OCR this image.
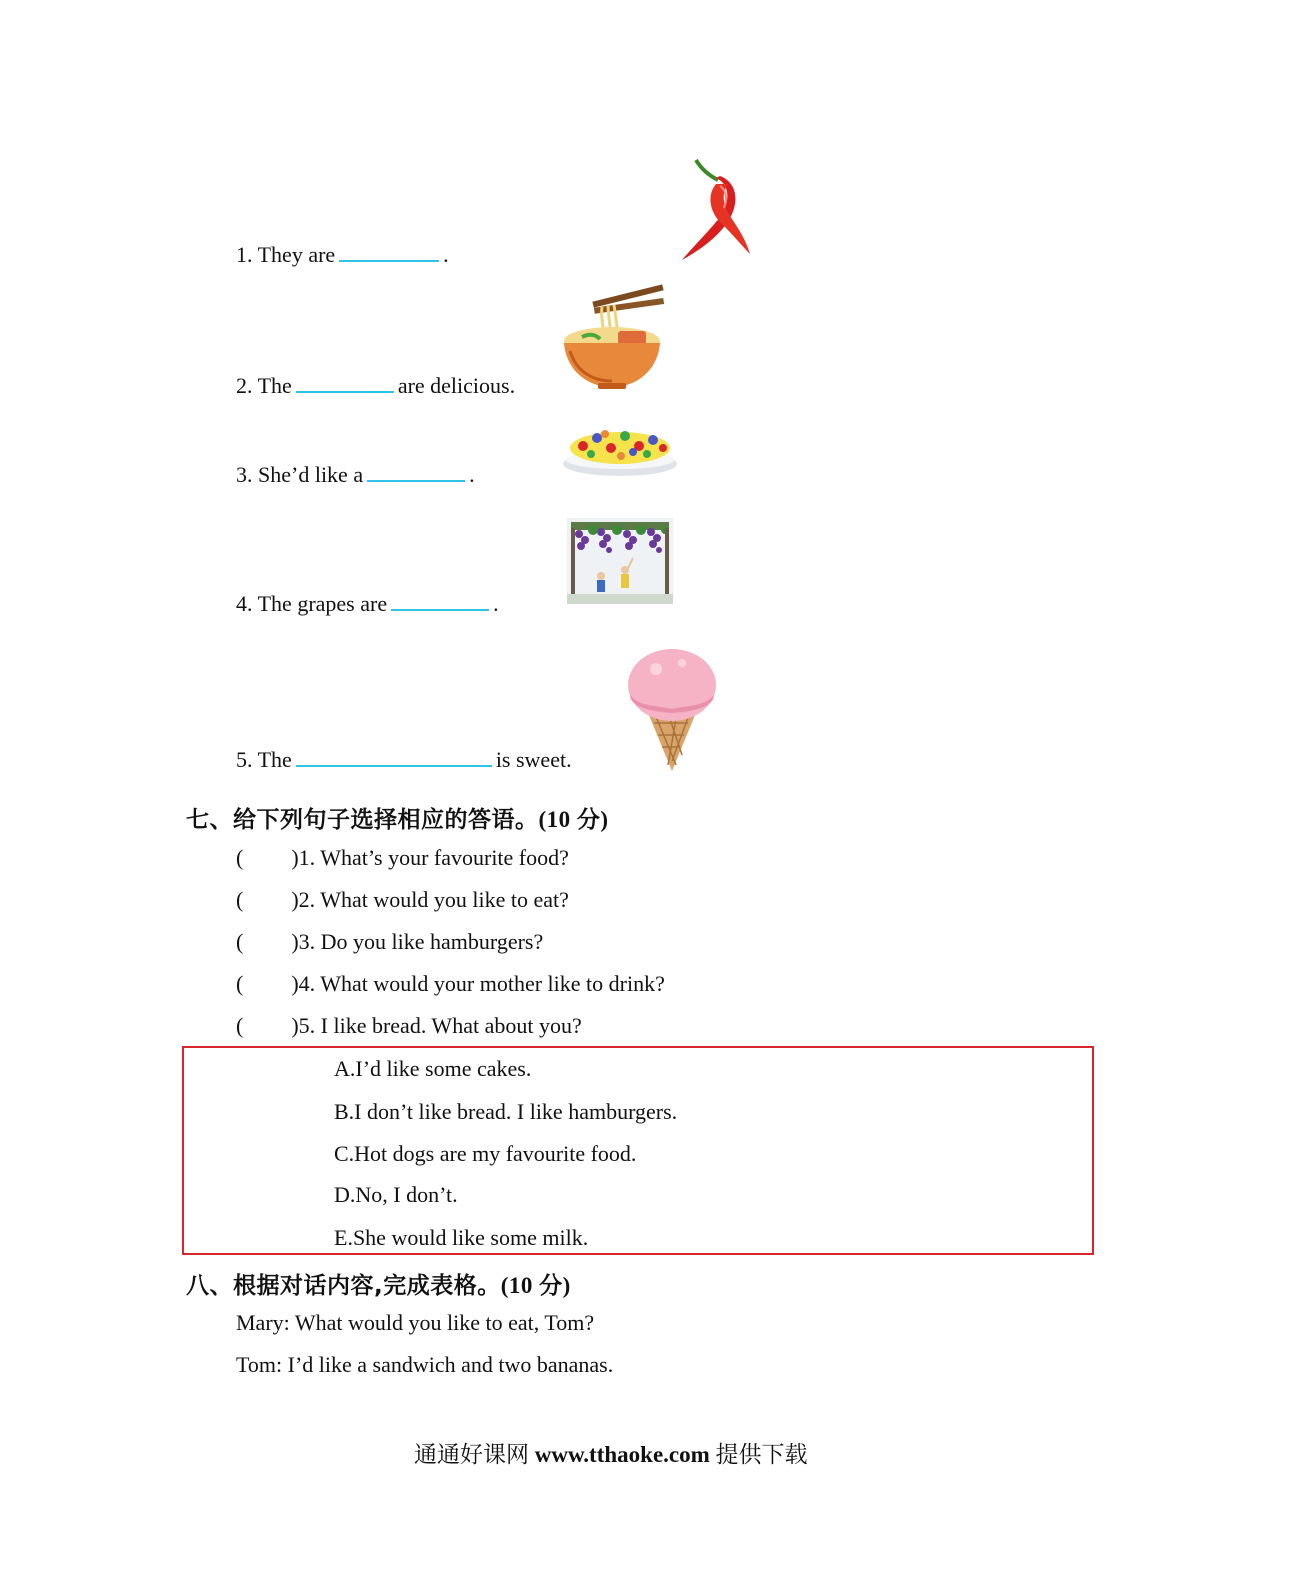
1. They are	.
2. The	are delicious.
3. She’d like a	.
4. The grapes are	.
5. The	is sweet.
七、给下列句子选择相应的答语。(10 分)
( )1. What’s your favourite food?
( )2. What would you like to eat?
( )3. Do you like hamburgers?
( )4. What would your mother like to drink?
( )5. I like bread. What about you?
A.I’d like some cakes.
B.I don’t like bread. I like hamburgers.
C.Hot dogs are my favourite food.
D.No, I don’t.
E.She would like some milk.
八、根据对话内容,完成表格。(10 分)
Mary: What would you like to eat, Tom?
Tom: I’d like a sandwich and two bananas.
通通好课网 www.tthaoke.com 提供下载
